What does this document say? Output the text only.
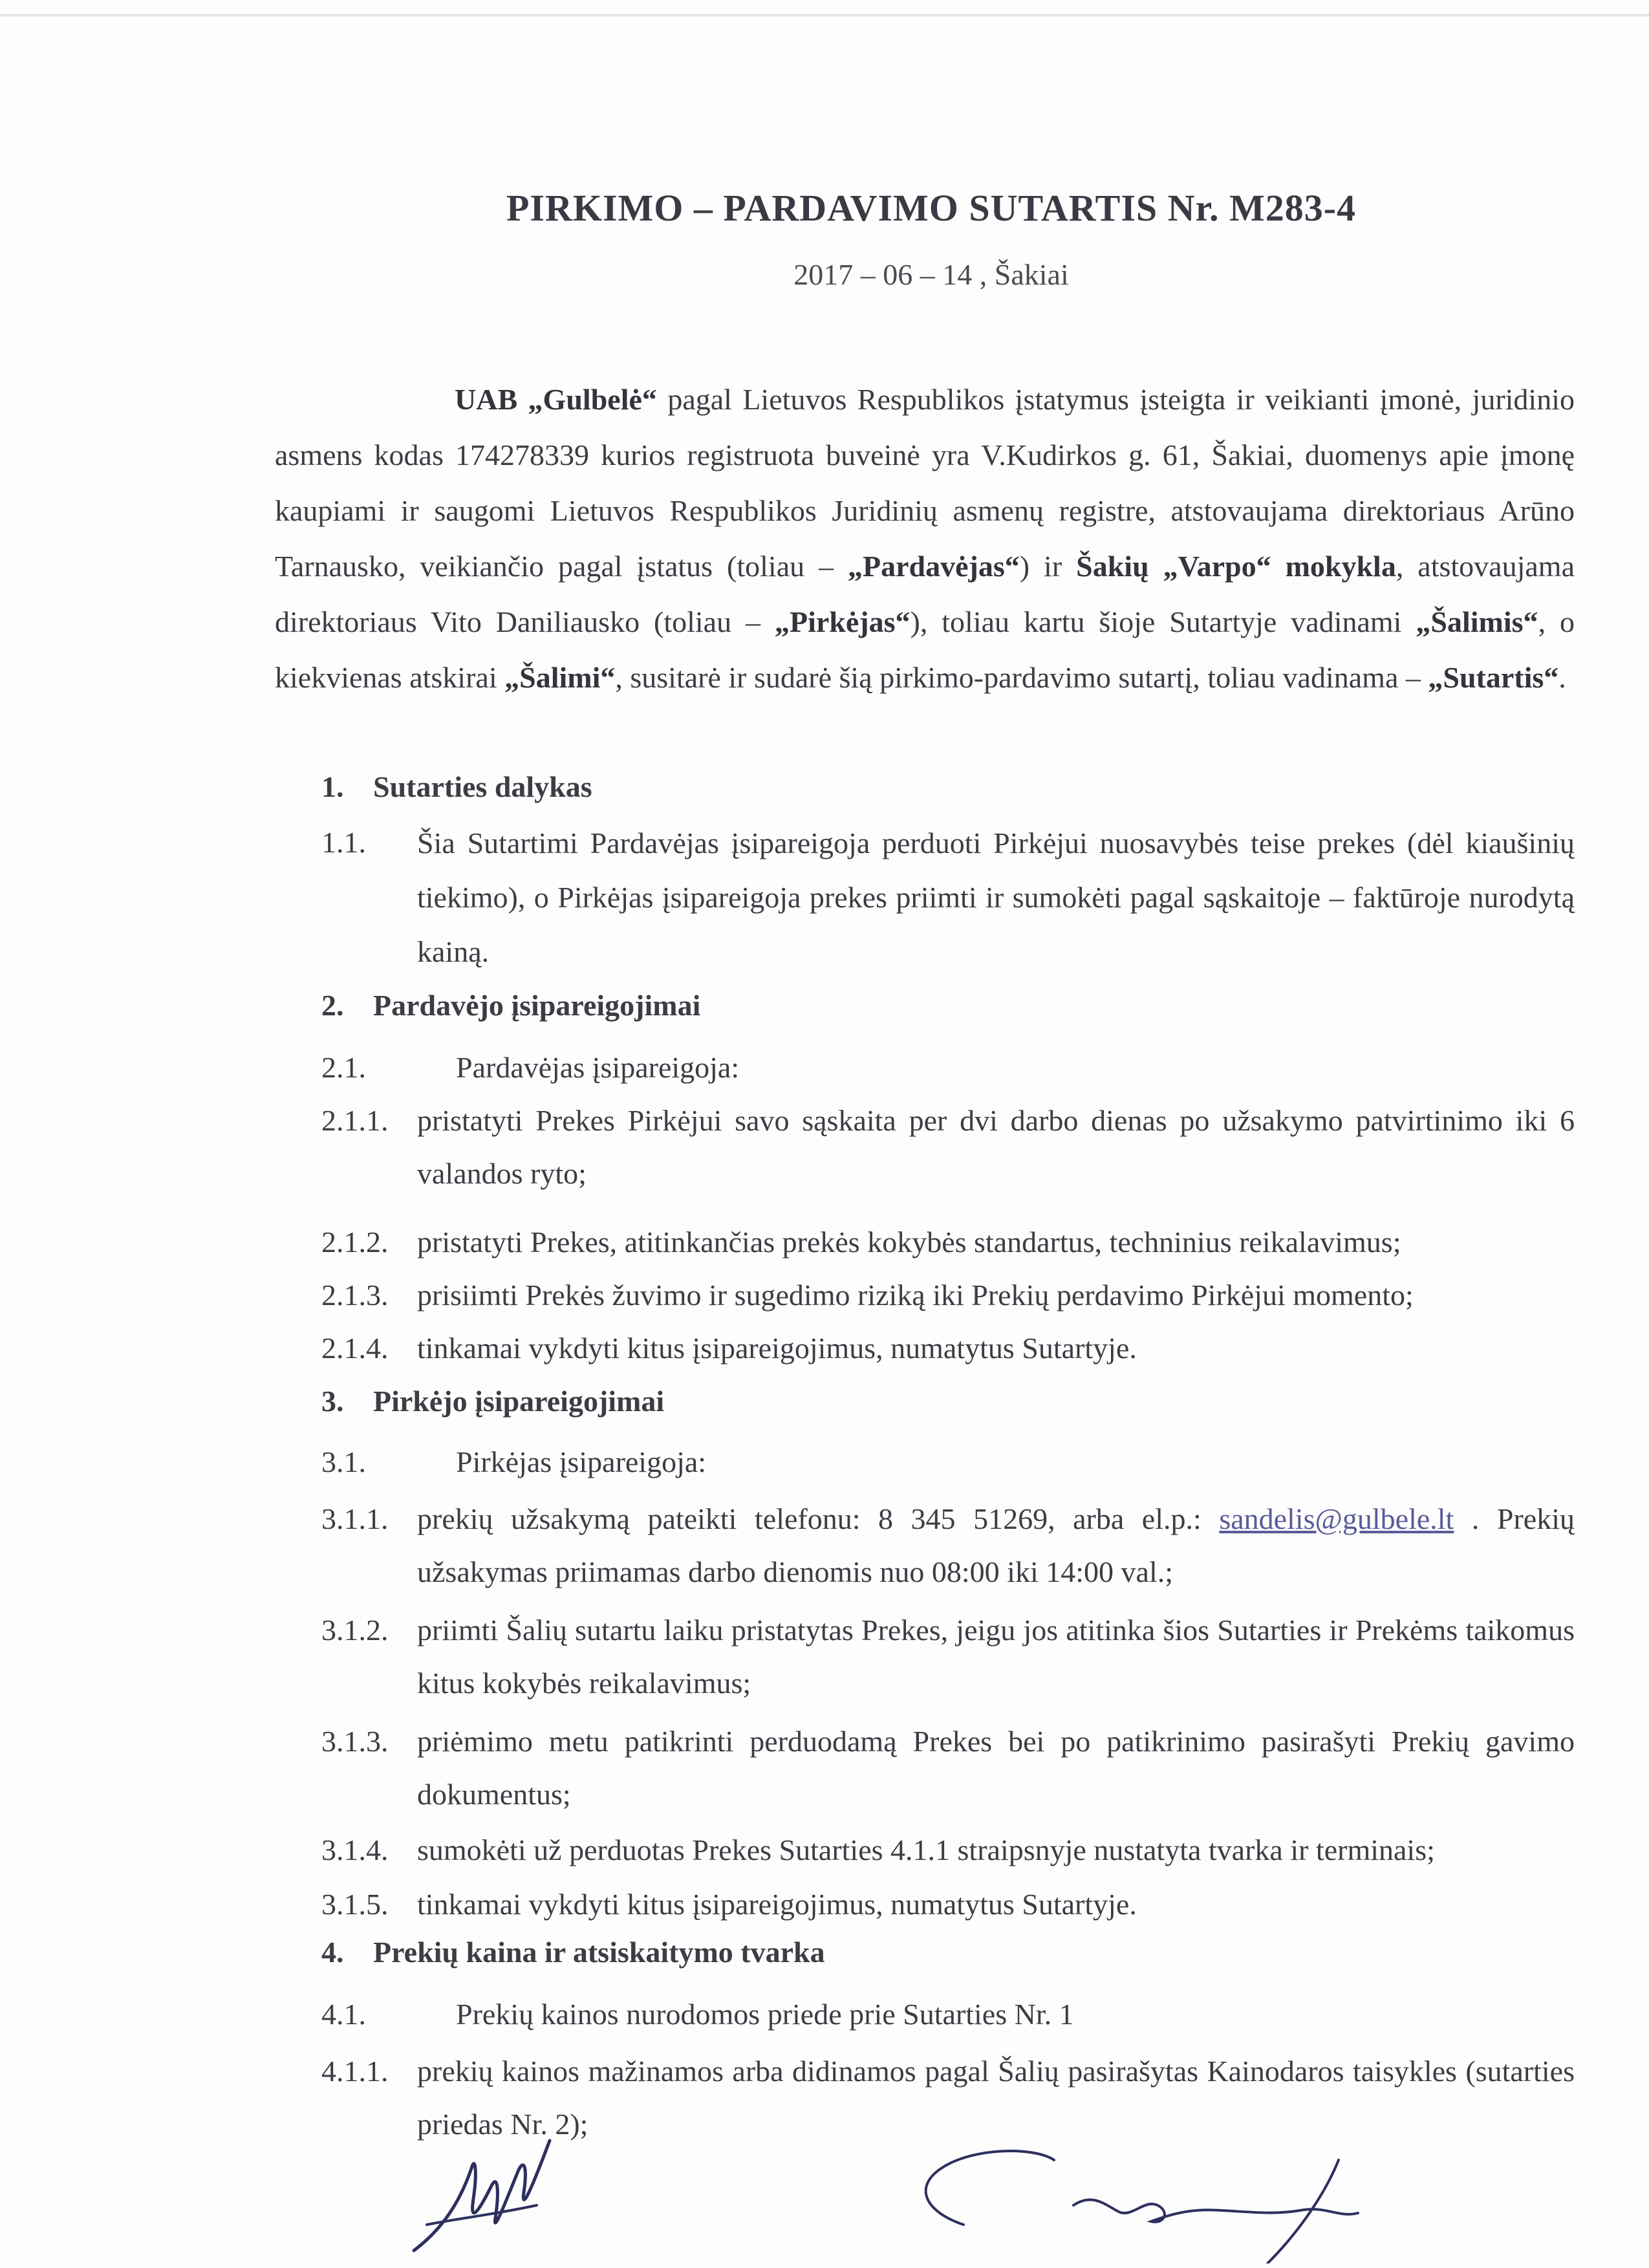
PIRKIMO – PARDAVIMO SUTARTIS Nr. M283-4
2017 – 06 – 14 , Šakiai
UAB „Gulbelė“ pagal Lietuvos Respublikos įstatymus įsteigta ir veikianti įmonė, juridinio asmens kodas 174278339 kurios registruota buveinė yra V.Kudirkos g. 61, Šakiai, duomenys apie įmonę kaupiami ir saugomi Lietuvos Respublikos Juridinių asmenų registre, atstovaujama direktoriaus Arūno Tarnausko, veikiančio pagal įstatus (toliau – „Pardavėjas“) ir Šakių „Varpo“ mokykla, atstovaujama direktoriaus Vito Daniliausko (toliau – „Pirkėjas“), toliau kartu šioje Sutartyje vadinami „Šalimis“, o kiekvienas atskirai „Šalimi“, susitarė ir sudarė šią pirkimo-pardavimo sutartį, toliau vadinama – „Sutartis“.
1. Sutarties dalykas
1.1. Šia Sutartimi Pardavėjas įsipareigoja perduoti Pirkėjui nuosavybės teise prekes (dėl kiaušinių tiekimo), o Pirkėjas įsipareigoja prekes priimti ir sumokėti pagal sąskaitoje – faktūroje nurodytą kainą.
2. Pardavėjo įsipareigojimai
2.1.	Pardavėjas įsipareigoja:
2.1.1. pristatyti Prekes Pirkėjui savo sąskaita per dvi darbo dienas po užsakymo patvirtinimo iki 6 valandos ryto;
2.1.2. pristatyti Prekes, atitinkančias prekės kokybės standartus, techninius reikalavimus;
2.1.3. prisiimti Prekės žuvimo ir sugedimo riziką iki Prekių perdavimo Pirkėjui momento;
2.1.4. tinkamai vykdyti kitus įsipareigojimus, numatytus Sutartyje.
3. Pirkėjo įsipareigojimai
3.1.	Pirkėjas įsipareigoja:
3.1.1. prekių užsakymą pateikti telefonu: 8 345 51269, arba el.p.: sandelis@gulbele.lt . Prekių užsakymas priimamas darbo dienomis nuo 08:00 iki 14:00 val.;
3.1.2. priimti Šalių sutartu laiku pristatytas Prekes, jeigu jos atitinka šios Sutarties ir Prekėms taikomus kitus kokybės reikalavimus;
3.1.3. priėmimo metu patikrinti perduodamą Prekes bei po patikrinimo pasirašyti Prekių gavimo dokumentus;
3.1.4. sumokėti už perduotas Prekes Sutarties 4.1.1 straipsnyje nustatyta tvarka ir terminais;
3.1.5. tinkamai vykdyti kitus įsipareigojimus, numatytus Sutartyje.
4. Prekių kaina ir atsiskaitymo tvarka
4.1.	Prekių kainos nurodomos priede prie Sutarties Nr. 1
4.1.1. prekių kainos mažinamos arba didinamos pagal Šalių pasirašytas Kainodaros taisykles (sutarties priedas Nr. 2);
